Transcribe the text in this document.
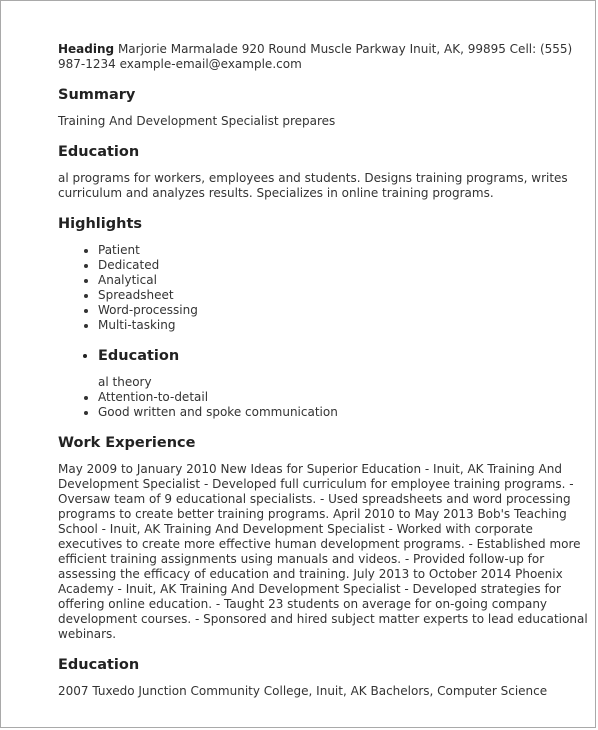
Heading Marjorie Marmalade 920 Round Muscle Parkway Inuit, AK, 99895 Cell: (555) 987-1234 example-email@example.com

Summary

Training And Development Specialist prepares

Education

al programs for workers, employees and students. Designs training programs, writes curriculum and analyzes results. Specializes in online training programs.

Highlights
• Patient
• Dedicated
• Analytical
• Spreadsheet
• Word-processing
• Multi-tasking
• Education
al theory
• Attention-to-detail
• Good written and spoke communication
Work Experience

May 2009 to January 2010 New Ideas for Superior Education - Inuit, AK Training And Development Specialist - Developed full curriculum for employee training programs. - Oversaw team of 9 educational specialists. - Used spreadsheets and word processing programs to create better training programs. April 2010 to May 2013 Bob's Teaching School - Inuit, AK Training And Development Specialist - Worked with corporate executives to create more effective human development programs. - Established more efficient training assignments using manuals and videos. - Provided follow-up for assessing the efficacy of education and training. July 2013 to October 2014 Phoenix Academy - Inuit, AK Training And Development Specialist - Developed strategies for offering online education. - Taught 23 students on average for on-going company development courses. - Sponsored and hired subject matter experts to lead educational webinars.

Education

2007 Tuxedo Junction Community College, Inuit, AK Bachelors, Computer Science
